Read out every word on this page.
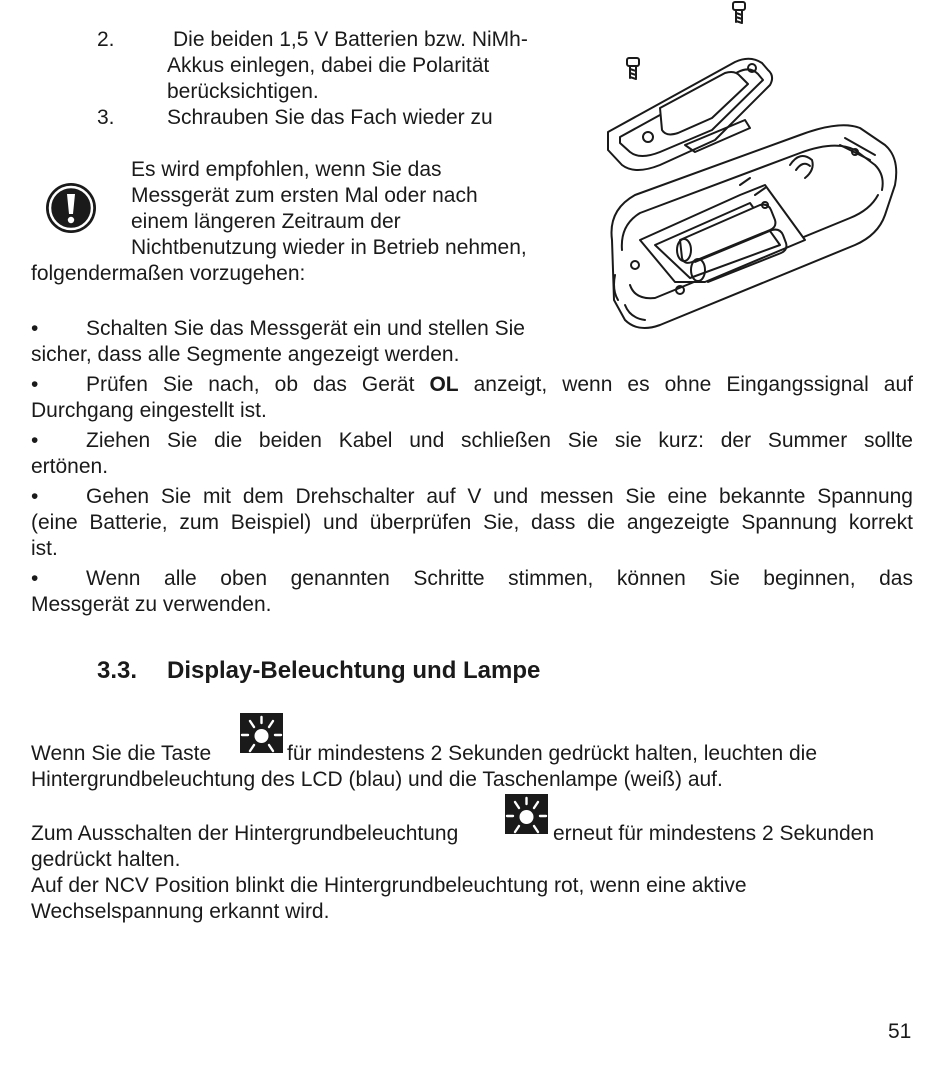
2.	Die beiden 1,5 V Batterien bzw. NiMh-
Akkus einlegen, dabei die Polarität
berücksichtigen.
3. Schrauben Sie das Fach wieder zu
Es wird empfohlen, wenn Sie das
Messgerät zum ersten Mal oder nach
einem längeren Zeitraum der
Nichtbenutzung wieder in Betrieb nehmen,
folgendermaßen vorzugehen:
• Schalten Sie das Messgerät ein und stellen Sie
sicher, dass alle Segmente angezeigt werden.
• Prüfen Sie nach, ob das Gerät OL anzeigt, wenn es ohne Eingangssignal auf
Durchgang eingestellt ist.
• Ziehen Sie die beiden Kabel und schließen Sie sie kurz: der Summer sollte
ertönen.
• Gehen Sie mit dem Drehschalter auf V und messen Sie eine bekannte Spannung
(eine Batterie, zum Beispiel) und überprüfen Sie, dass die angezeigte Spannung korrekt
ist.
• Wenn alle oben genannten Schritte stimmen, können Sie beginnen, das
Messgerät zu verwenden.
3.3. Display-Beleuchtung und Lampe
Wenn Sie die Taste	für mindestens 2 Sekunden gedrückt halten, leuchten die
Hintergrundbeleuchtung des LCD (blau) und die Taschenlampe (weiß) auf.
Zum Ausschalten der Hintergrundbeleuchtung	erneut für mindestens 2 Sekunden
gedrückt halten.
Auf der NCV Position blinkt die Hintergrundbeleuchtung rot, wenn eine aktive
Wechselspannung erkannt wird.
51
